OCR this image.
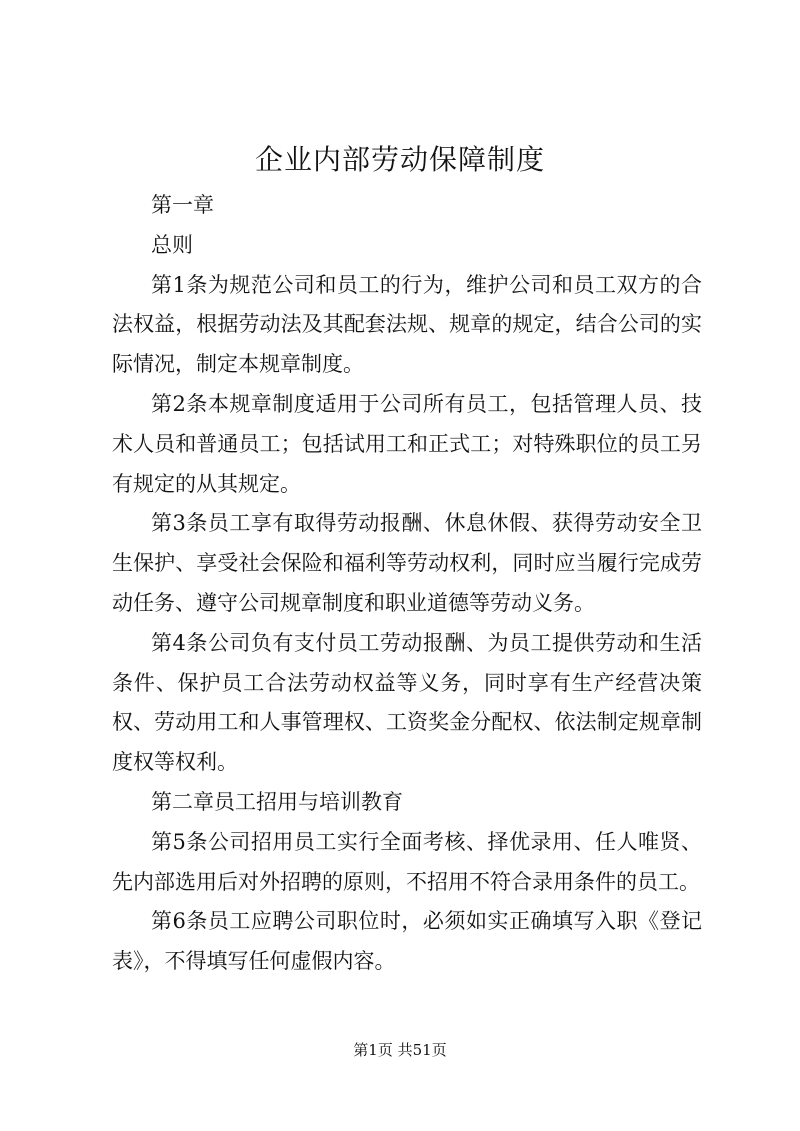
企业内部劳动保障制度

第一章

总则

第1条为规范公司和员工的行为，维护公司和员工双方的合法权益，根据劳动法及其配套法规、规章的规定，结合公司的实际情况，制定本规章制度。

第2条本规章制度适用于公司所有员工，包括管理人员、技术人员和普通员工；包括试用工和正式工；对特殊职位的员工另有规定的从其规定。

第3条员工享有取得劳动报酬、休息休假、获得劳动安全卫生保护、享受社会保险和福利等劳动权利，同时应当履行完成劳动任务、遵守公司规章制度和职业道德等劳动义务。

第4条公司负有支付员工劳动报酬、为员工提供劳动和生活条件、保护员工合法劳动权益等义务，同时享有生产经营决策权、劳动用工和人事管理权、工资奖金分配权、依法制定规章制度权等权利。

第二章员工招用与培训教育

第5条公司招用员工实行全面考核、择优录用、任人唯贤、先内部选用后对外招聘的原则，不招用不符合录用条件的员工。

第6条员工应聘公司职位时，必须如实正确填写入职《登记表》，不得填写任何虚假内容。

第1页 共51页
